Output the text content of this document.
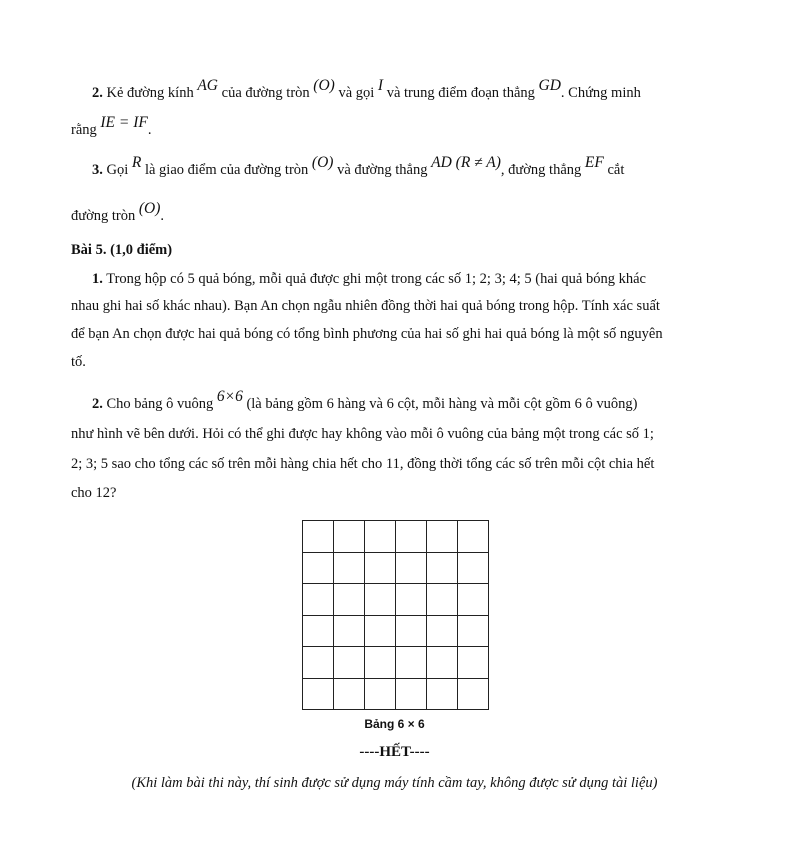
2. Kẻ đường kính AG của đường tròn (O) và gọi I và trung điểm đoạn thẳng GD. Chứng minh
rằng IE = IF.
3. Gọi R là giao điểm của đường tròn (O) và đường thẳng AD (R ≠ A), đường thẳng EF cắt
đường tròn (O).
Bài 5. (1,0 điểm)
1. Trong hộp có 5 quả bóng, mỗi quả được ghi một trong các số 1; 2; 3; 4; 5 (hai quả bóng khác
nhau ghi hai số khác nhau). Bạn An chọn ngẫu nhiên đồng thời hai quả bóng trong hộp. Tính xác suất
để bạn An chọn được hai quả bóng có tổng bình phương của hai số ghi hai quả bóng là một số nguyên
tố.
2. Cho bảng ô vuông 6×6 (là bảng gồm 6 hàng và 6 cột, mỗi hàng và mỗi cột gồm 6 ô vuông)
như hình vẽ bên dưới. Hỏi có thể ghi được hay không vào mỗi ô vuông của bảng một trong các số 1;
2; 3; 5 sao cho tổng các số trên mỗi hàng chia hết cho 11, đồng thời tổng các số trên mỗi cột chia hết
cho 12?
Bảng 6 × 6
----HẾT----
(Khi làm bài thi này, thí sinh được sử dụng máy tính cầm tay, không được sử dụng tài liệu)
